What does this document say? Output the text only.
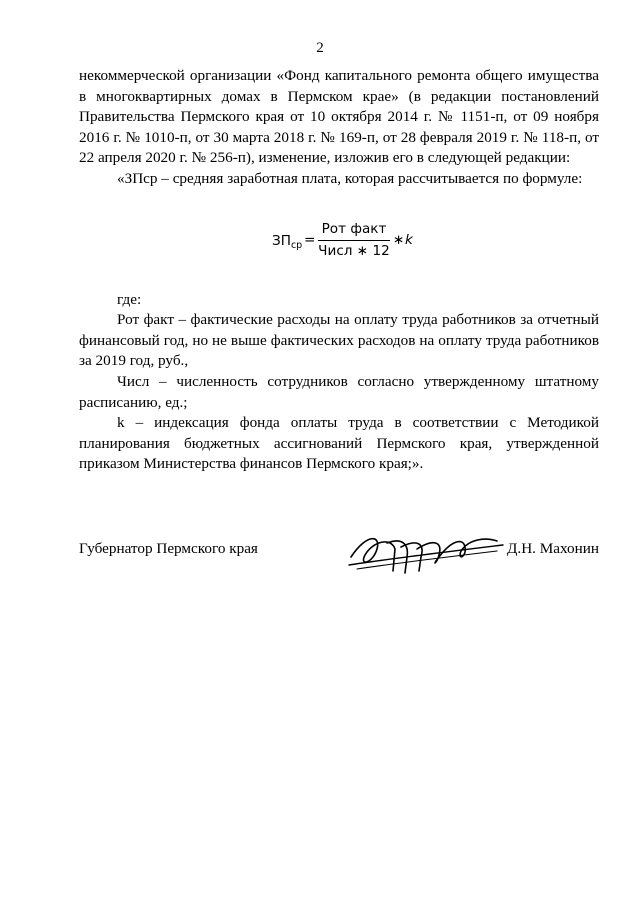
2

некоммерческой организации «Фонд капитального ремонта общего имущества в многоквартирных домах в Пермском крае» (в редакции постановлений Правительства Пермского края от 10 октября 2014 г. № 1151-п, от 09 ноября 2016 г. № 1010-п, от 30 марта 2018 г. № 169-п, от 28 февраля 2019 г. № 118-п, от 22 апреля 2020 г. № 256-п), изменение, изложив его в следующей редакции:

«ЗПср – средняя заработная плата, которая рассчитывается по формуле:

$ЗП_{ср}$ =
Рот факт
Числ ∗ 12
∗ k

где:

Рот факт – фактические расходы на оплату труда работников за отчетный финансовый год, но не выше фактических расходов на оплату труда работников за 2019 год, руб.,

Числ – численность сотрудников согласно утвержденному штатному расписанию, ед.;

k – индексация фонда оплаты труда в соответствии с Методикой планирования бюджетных ассигнований Пермского края, утвержденной приказом Министерства финансов Пермского края;».

Губернатор Пермского края	Д.Н. Махонин
